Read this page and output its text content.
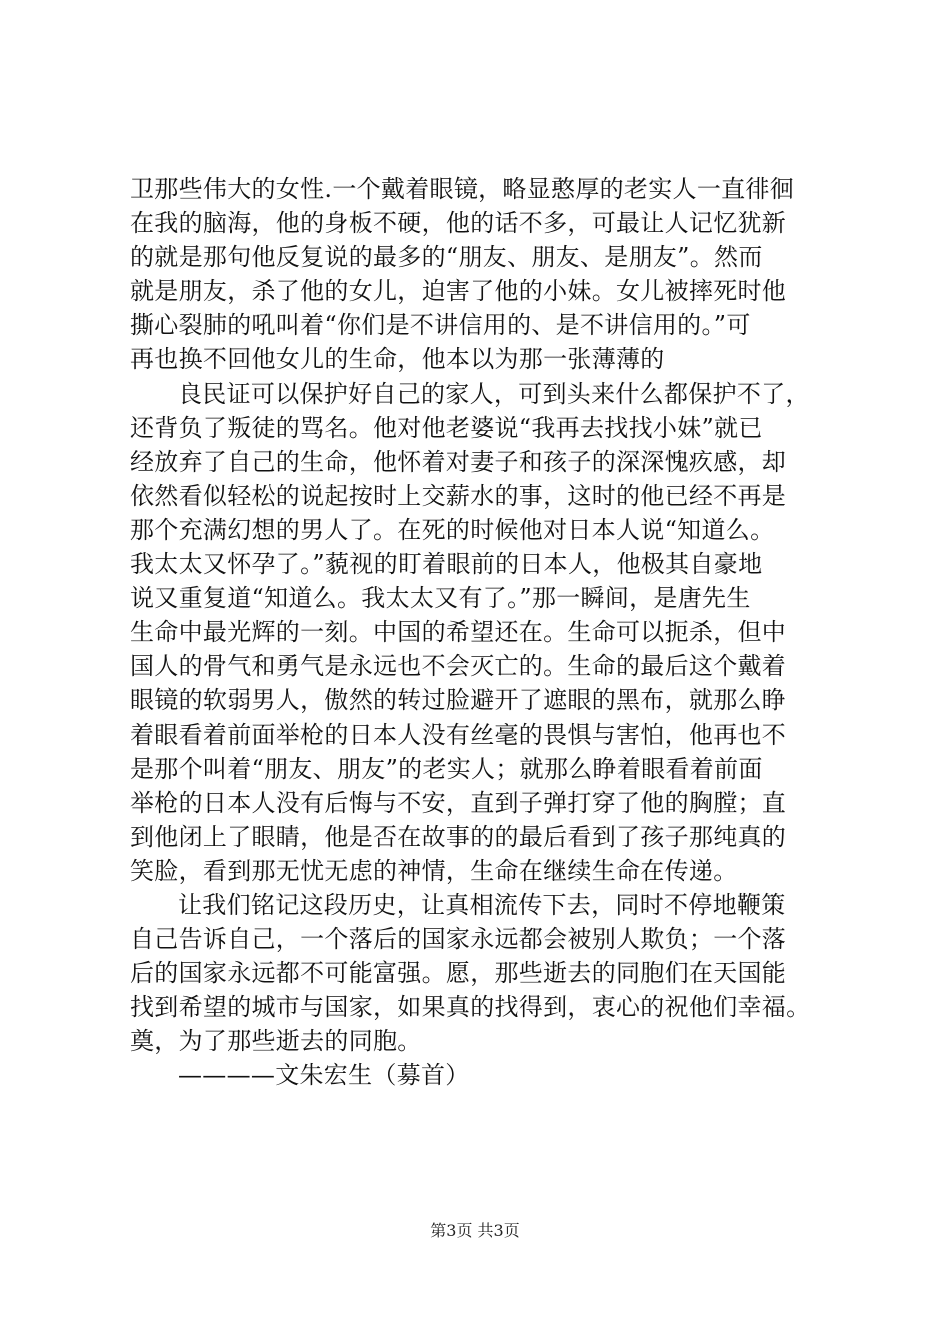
卫那些伟大的女性.一个戴着眼镜，略显憨厚的老实人一直徘徊
在我的脑海，他的身板不硬，他的话不多，可最让人记忆犹新
的就是那句他反复说的最多的“朋友、朋友、是朋友”。然而
就是朋友，杀了他的女儿，迫害了他的小妹。女儿被摔死时他
撕心裂肺的吼叫着“你们是不讲信用的、是不讲信用的。”可
再也换不回他女儿的生命，他本以为那一张薄薄的
良民证可以保护好自己的家人，可到头来什么都保护不了，
还背负了叛徒的骂名。他对他老婆说“我再去找找小妹”就已
经放弃了自己的生命，他怀着对妻子和孩子的深深愧疚感，却
依然看似轻松的说起按时上交薪水的事，这时的他已经不再是
那个充满幻想的男人了。在死的时候他对日本人说“知道么。
我太太又怀孕了。”藐视的盯着眼前的日本人，他极其自豪地
说又重复道“知道么。我太太又有了。”那一瞬间，是唐先生
生命中最光辉的一刻。中国的希望还在。生命可以扼杀，但中
国人的骨气和勇气是永远也不会灭亡的。生命的最后这个戴着
眼镜的软弱男人，傲然的转过脸避开了遮眼的黑布，就那么睁
着眼看着前面举枪的日本人没有丝毫的畏惧与害怕，他再也不
是那个叫着“朋友、朋友”的老实人；就那么睁着眼看着前面
举枪的日本人没有后悔与不安，直到子弹打穿了他的胸膛；直
到他闭上了眼睛，他是否在故事的的最后看到了孩子那纯真的
笑脸，看到那无忧无虑的神情，生命在继续生命在传递。
让我们铭记这段历史，让真相流传下去，同时不停地鞭策
自己告诉自己，一个落后的国家永远都会被别人欺负；一个落
后的国家永远都不可能富强。愿，那些逝去的同胞们在天国能
找到希望的城市与国家，如果真的找得到，衷心的祝他们幸福。
奠，为了那些逝去的同胞。
————文朱宏生（募首）
第3页 共3页
